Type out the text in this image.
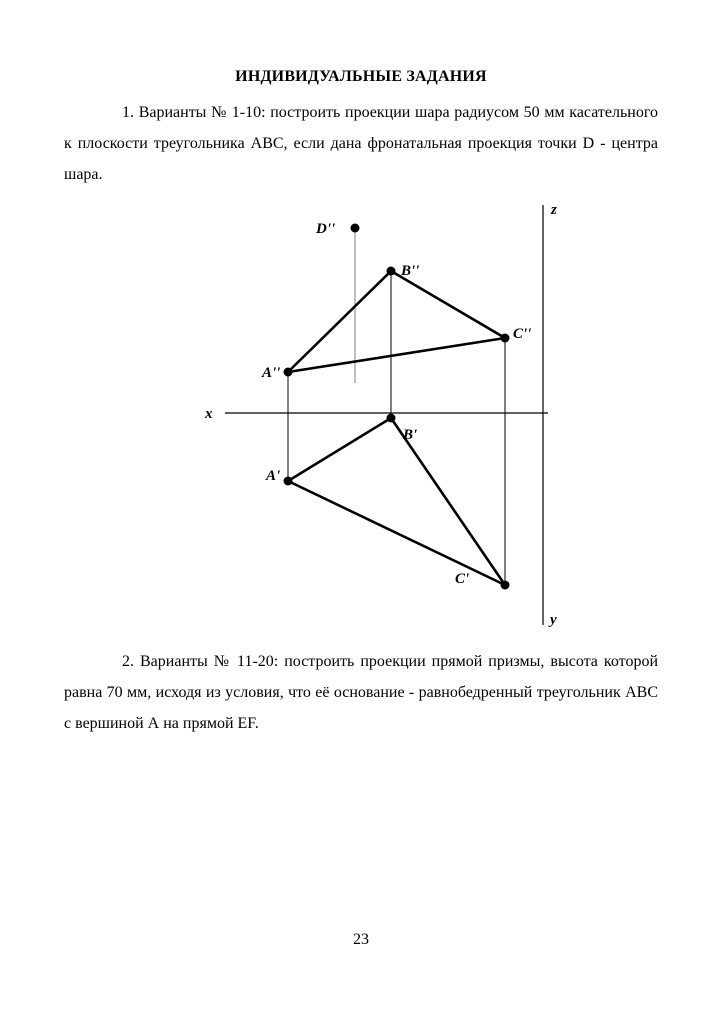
ИНДИВИДУАЛЬНЫЕ ЗАДАНИЯ

1. Варианты № 1-10: построить проекции шара радиусом 50 мм касательного к плоскости треугольника ABC, если дана фронатальная проекция точки D - центра шара.

D''
B''
C''
A''
B'
A'
C'
x
z
y

2. Варианты № 11-20: построить проекции прямой призмы, высота которой равна 70 мм, исходя из условия, что её основание - равнобедренный треугольник ABC с вершиной А на прямой EF.

23
